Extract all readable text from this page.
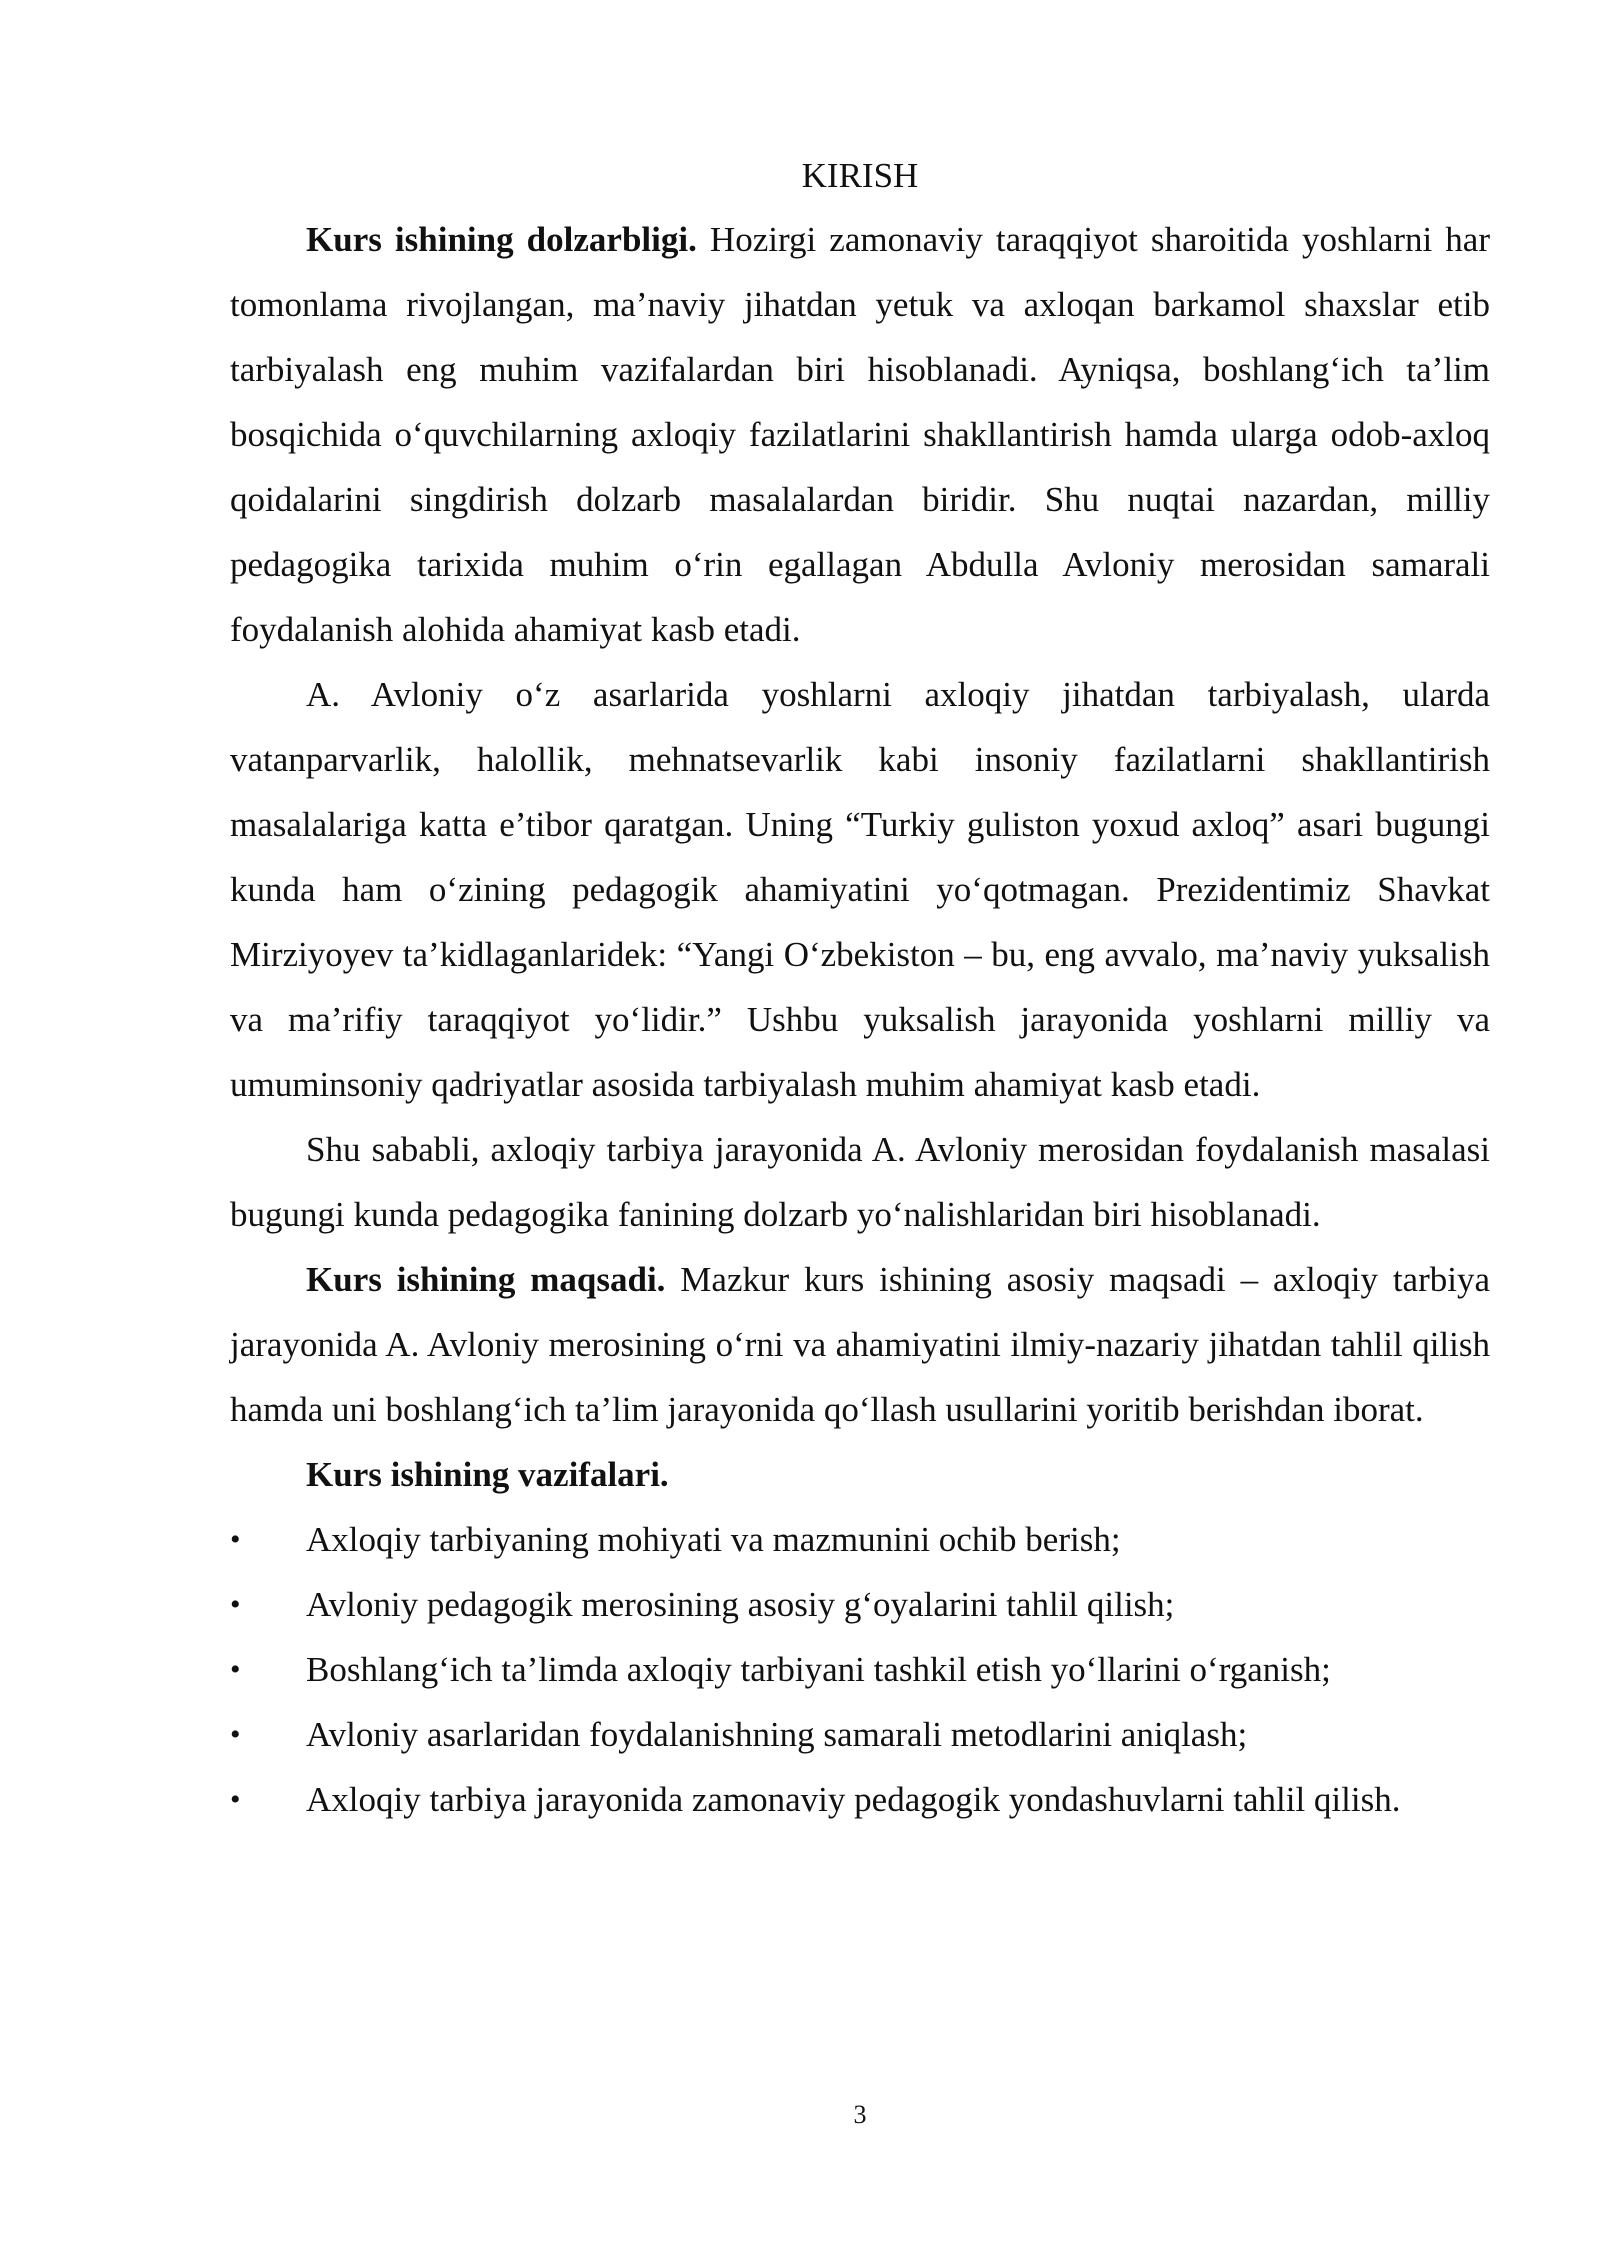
KIRISH

Kurs ishining dolzarbligi. Hozirgi zamonaviy taraqqiyot sharoitida yoshlarni har tomonlama rivojlangan, ma’naviy jihatdan yetuk va axloqan barkamol shaxslar etib tarbiyalash eng muhim vazifalardan biri hisoblanadi. Ayniqsa, boshlang‘ich ta’lim bosqichida o‘quvchilarning axloqiy fazilatlarini shakllantirish hamda ularga odob-axloq qoidalarini singdirish dolzarb masalalardan biridir. Shu nuqtai nazardan, milliy pedagogika tarixida muhim o‘rin egallagan Abdulla Avloniy merosidan samarali foydalanish alohida ahamiyat kasb etadi.

A. Avloniy o‘z asarlarida yoshlarni axloqiy jihatdan tarbiyalash, ularda vatanparvarlik, halollik, mehnatsevarlik kabi insoniy fazilatlarni shakllantirish masalalariga katta e’tibor qaratgan. Uning “Turkiy guliston yoxud axloq” asari bugungi kunda ham o‘zining pedagogik ahamiyatini yo‘qotmagan. Prezidentimiz Shavkat Mirziyoyev ta’kidlaganlaridek: “Yangi O‘zbekiston – bu, eng avvalo, ma’naviy yuksalish va ma’rifiy taraqqiyot yo‘lidir.” Ushbu yuksalish jarayonida yoshlarni milliy va umuminsoniy qadriyatlar asosida tarbiyalash muhim ahamiyat kasb etadi.

Shu sababli, axloqiy tarbiya jarayonida A. Avloniy merosidan foydalanish masalasi bugungi kunda pedagogika fanining dolzarb yo‘nalishlaridan biri hisoblanadi.

Kurs ishining maqsadi. Mazkur kurs ishining asosiy maqsadi – axloqiy tarbiya jarayonida A. Avloniy merosining o‘rni va ahamiyatini ilmiy-nazariy jihatdan tahlil qilish hamda uni boshlang‘ich ta’lim jarayonida qo‘llash usullarini yoritib berishdan iborat.

Kurs ishining vazifalari.
• Axloqiy tarbiyaning mohiyati va mazmunini ochib berish;
• Avloniy pedagogik merosining asosiy g‘oyalarini tahlil qilish;
• Boshlang‘ich ta’limda axloqiy tarbiyani tashkil etish yo‘llarini o‘rganish;
• Avloniy asarlaridan foydalanishning samarali metodlarini aniqlash;
• Axloqiy tarbiya jarayonida zamonaviy pedagogik yondashuvlarni tahlil qilish.
3
